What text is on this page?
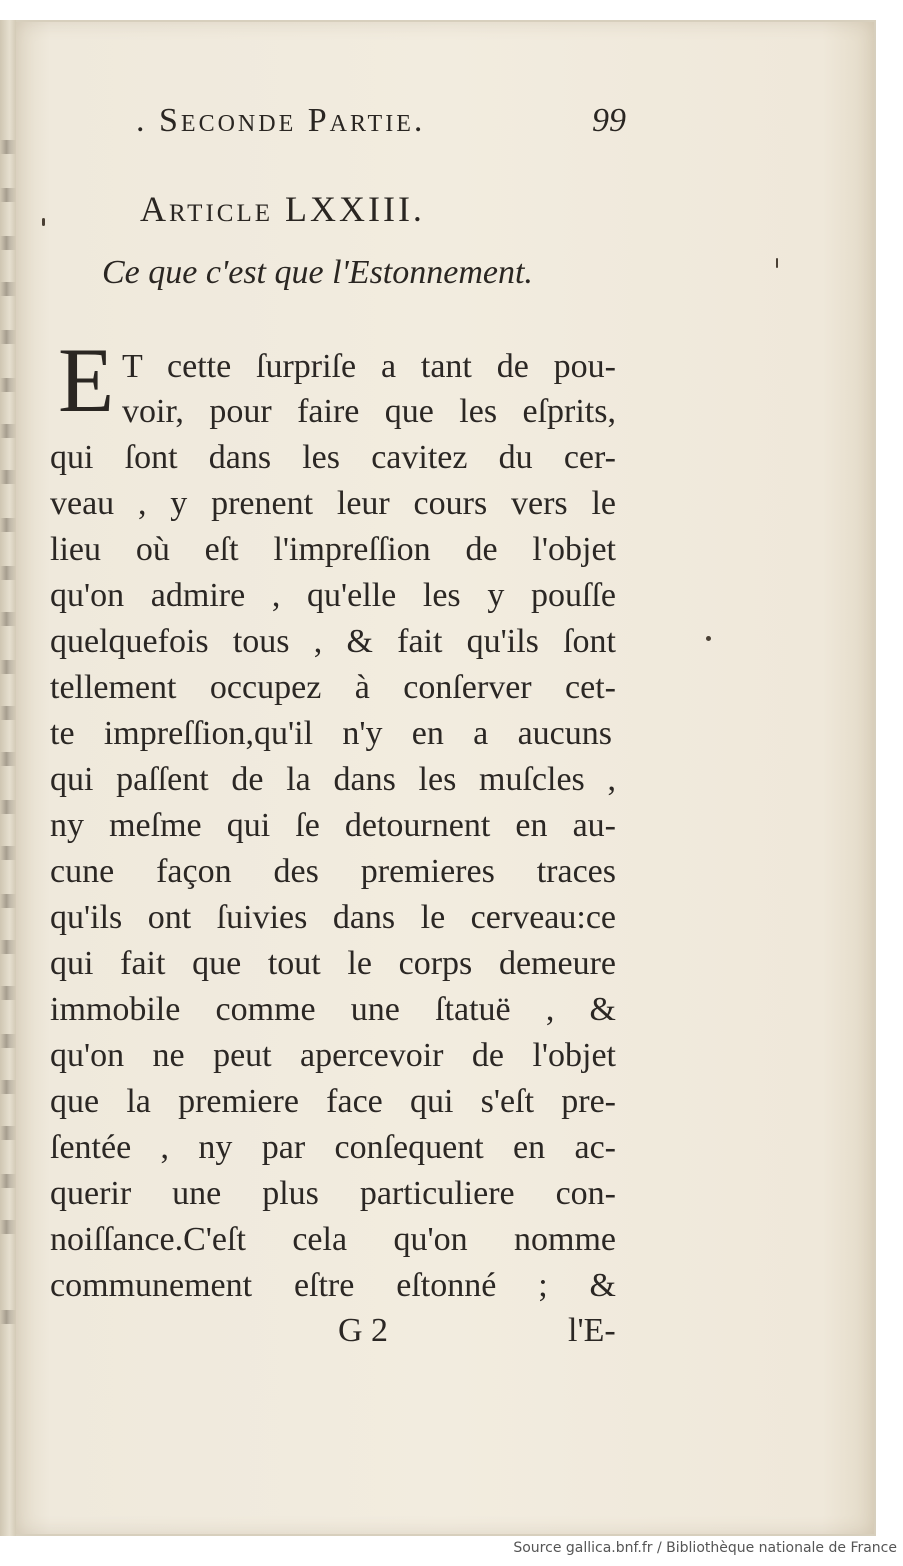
. Seconde Partie.	99
Article LXXIII.
Ce que c'est que l'Estonnement.
E T cette ſurpriſe a tant de pou-
voir, pour faire que les eſprits,
qui ſont dans les cavitez du cer-
veau , y prenent leur cours vers le
lieu où eſt l'impreſſion de l'objet
qu'on admire , qu'elle les y pouſſe
quelquefois tous , & fait qu'ils ſont
tellement occupez à conſerver cet-
te impreſſion,qu'il n'y en a aucuns
qui paſſent de la dans les muſcles ,
ny meſme qui ſe detournent en au-
cune façon des premieres traces
qu'ils ont ſuivies dans le cerveau:ce
qui fait que tout le corps demeure
immobile comme une ſtatuë , &
qu'on ne peut apercevoir de l'objet
que la premiere face qui s'eſt pre-
ſentée , ny par conſequent en ac-
querir une plus particuliere con-
noiſſance.C'eſt cela qu'on nomme
communement eſtre eſtonné ; &
G 2	l'E-
Source gallica.bnf.fr / Bibliothèque nationale de France
